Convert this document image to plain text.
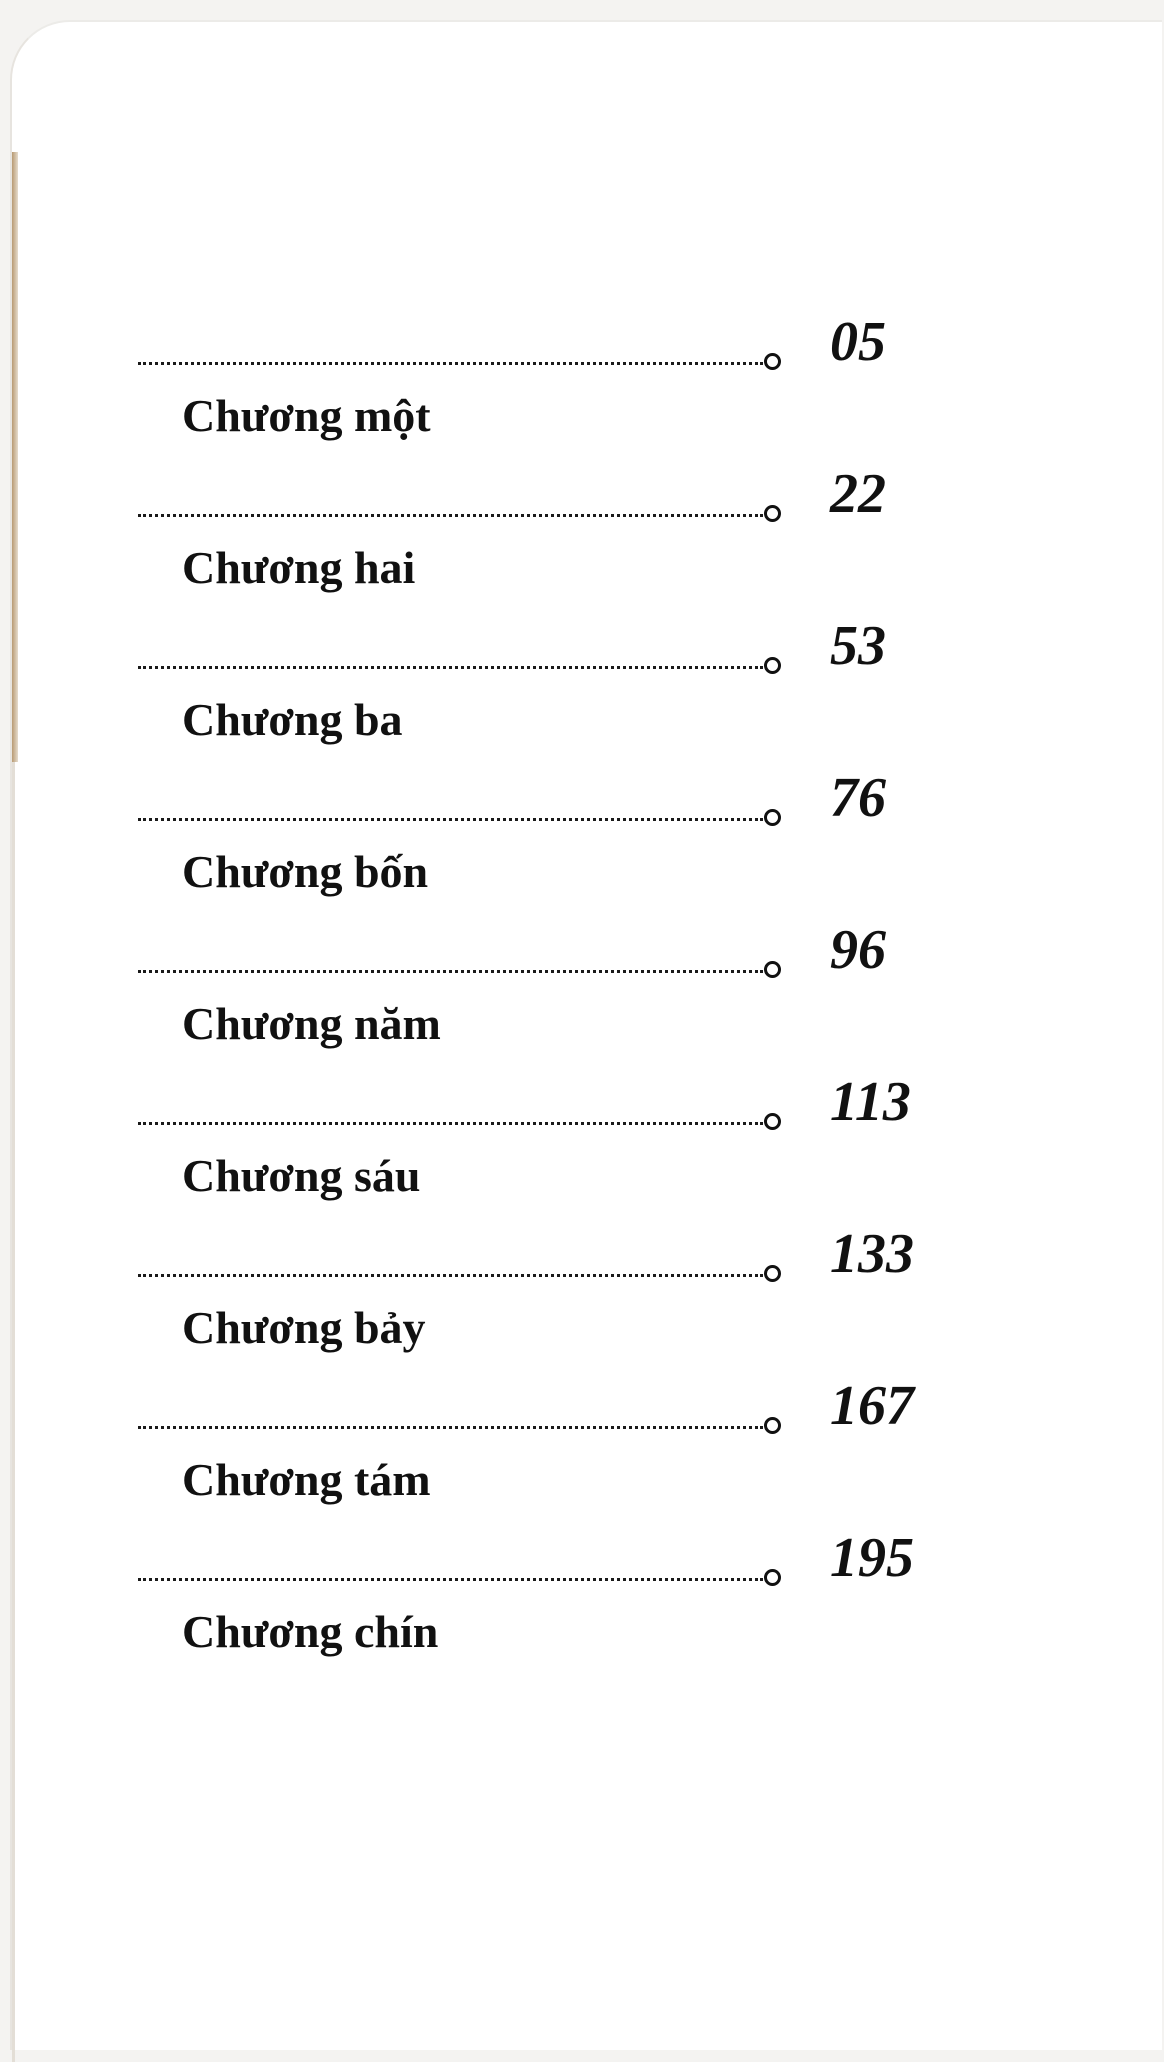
05
Chương một
22
Chương hai
53
Chương ba
76
Chương bốn
96
Chương năm
113
Chương sáu
133
Chương bảy
167
Chương tám
195
Chương chín
